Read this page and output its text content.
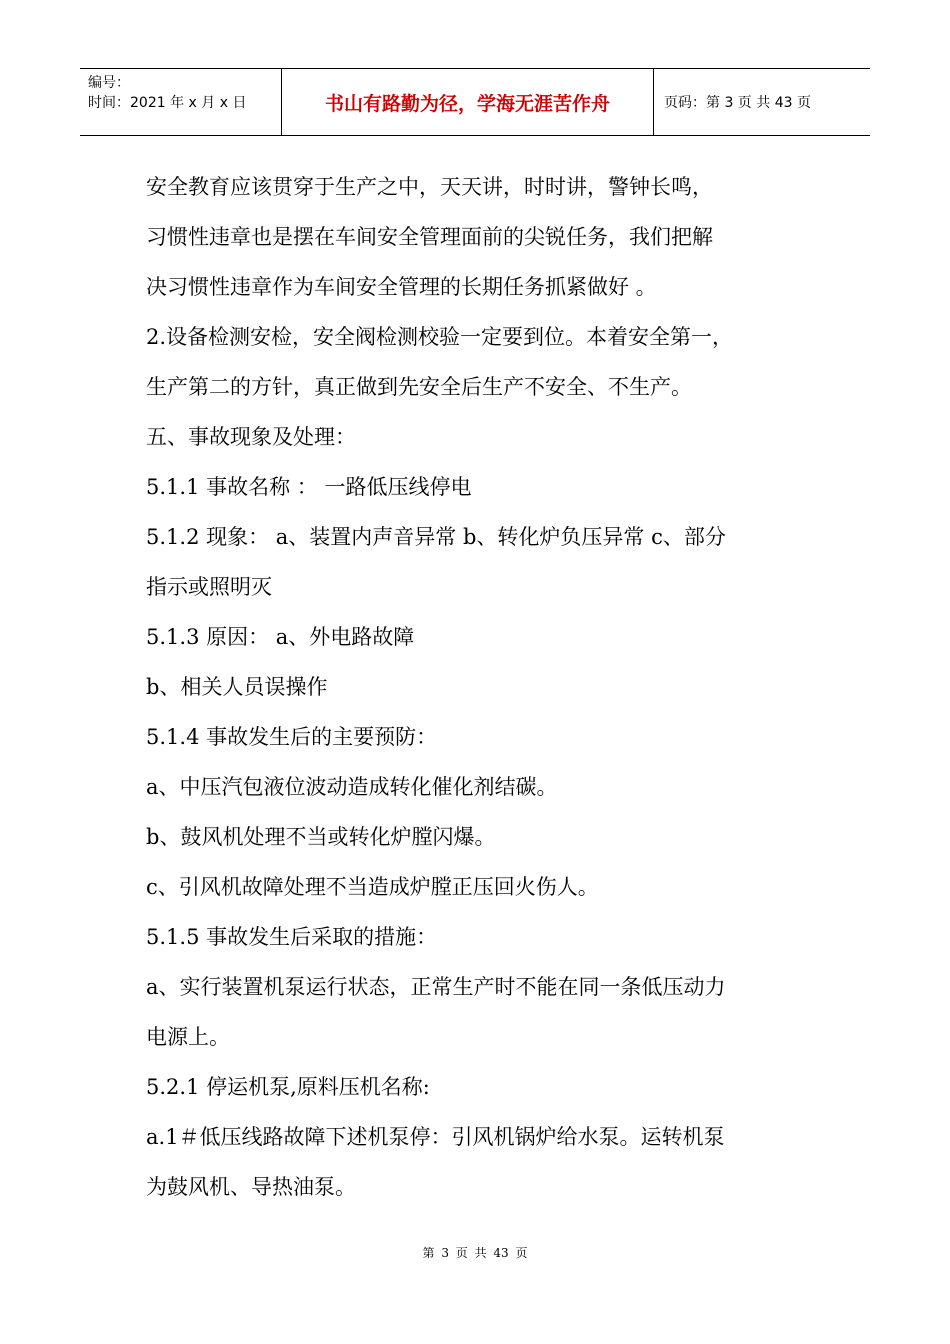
编号：
时间：2021 年 x 月 x 日	书山有路勤为径，学海无涯苦作舟	页码：第 3 页 共 43 页

安全教育应该贯穿于生产之中，天天讲，时时讲，警钟长鸣，

习惯性违章也是摆在车间安全管理面前的尖锐任务，我们把解

决习惯性违章作为车间安全管理的长期任务抓紧做好 。

2.设备检测安检，安全阀检测校验一定要到位。本着安全第一，

生产第二的方针，真正做到先安全后生产不安全、不生产。

五、事故现象及处理：

5.1.1 事故名称 ： 一路低压线停电

5.1.2 现象： a、装置内声音异常 b、转化炉负压异常 c、部分

指示或照明灭

5.1.3 原因： a、外电路故障

b、相关人员误操作

5.1.4 事故发生后的主要预防：

a、中压汽包液位波动造成转化催化剂结碳。

b、鼓风机处理不当或转化炉膛闪爆。

c、引风机故障处理不当造成炉膛正压回火伤人。

5.1.5 事故发生后采取的措施：

a、实行装置机泵运行状态，正常生产时不能在同一条低压动力

电源上。

5.2.1 停运机泵,原料压机名称:

a.1＃低压线路故障下述机泵停：引风机锅炉给水泵。运转机泵

为鼓风机、导热油泵。

第 3 页 共 43 页
